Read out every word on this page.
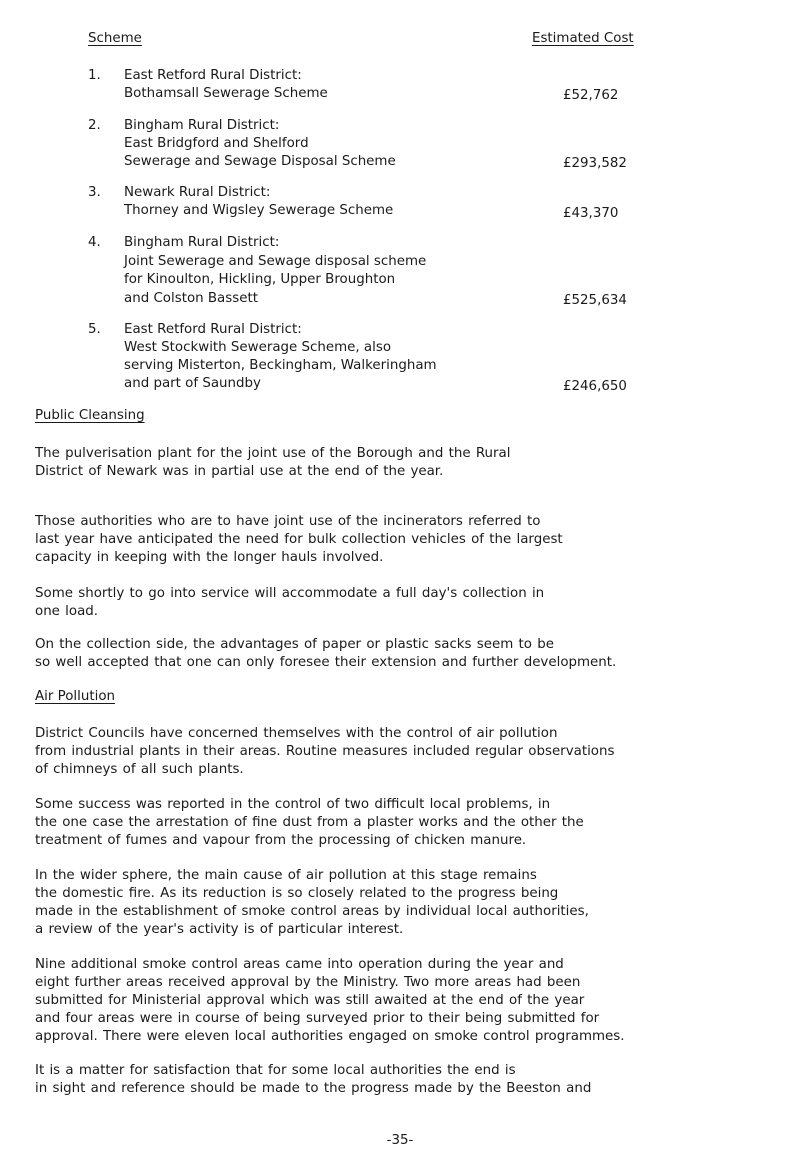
Scheme	Estimated Cost
1. East Retford Rural District:
Bothamsall Sewerage Scheme	£52,762
2. Bingham Rural District:
East Bridgford and Shelford
Sewerage and Sewage Disposal Scheme	£293,582
3. Newark Rural District:
Thorney and Wigsley Sewerage Scheme	£43,370
4. Bingham Rural District:
Joint Sewerage and Sewage disposal scheme
for Kinoulton, Hickling, Upper Broughton
and Colston Bassett	£525,634
5. East Retford Rural District:
West Stockwith Sewerage Scheme, also
serving Misterton, Beckingham, Walkeringham
and part of Saundby	£246,650
Public Cleansing
The pulverisation plant for the joint use of the Borough and the Rural
District of Newark was in partial use at the end of the year.
Those authorities who are to have joint use of the incinerators referred to
last year have anticipated the need for bulk collection vehicles of the largest
capacity in keeping with the longer hauls involved.
Some shortly to go into service will accommodate a full day's collection in
one load.
On the collection side, the advantages of paper or plastic sacks seem to be
so well accepted that one can only foresee their extension and further development.
Air Pollution
District Councils have concerned themselves with the control of air pollution
from industrial plants in their areas. Routine measures included regular observations
of chimneys of all such plants.
Some success was reported in the control of two difficult local problems, in
the one case the arrestation of fine dust from a plaster works and the other the
treatment of fumes and vapour from the processing of chicken manure.
In the wider sphere, the main cause of air pollution at this stage remains
the domestic fire. As its reduction is so closely related to the progress being
made in the establishment of smoke control areas by individual local authorities,
a review of the year's activity is of particular interest.
Nine additional smoke control areas came into operation during the year and
eight further areas received approval by the Ministry. Two more areas had been
submitted for Ministerial approval which was still awaited at the end of the year
and four areas were in course of being surveyed prior to their being submitted for
approval. There were eleven local authorities engaged on smoke control programmes.
It is a matter for satisfaction that for some local authorities the end is
in sight and reference should be made to the progress made by the Beeston and
-35-
